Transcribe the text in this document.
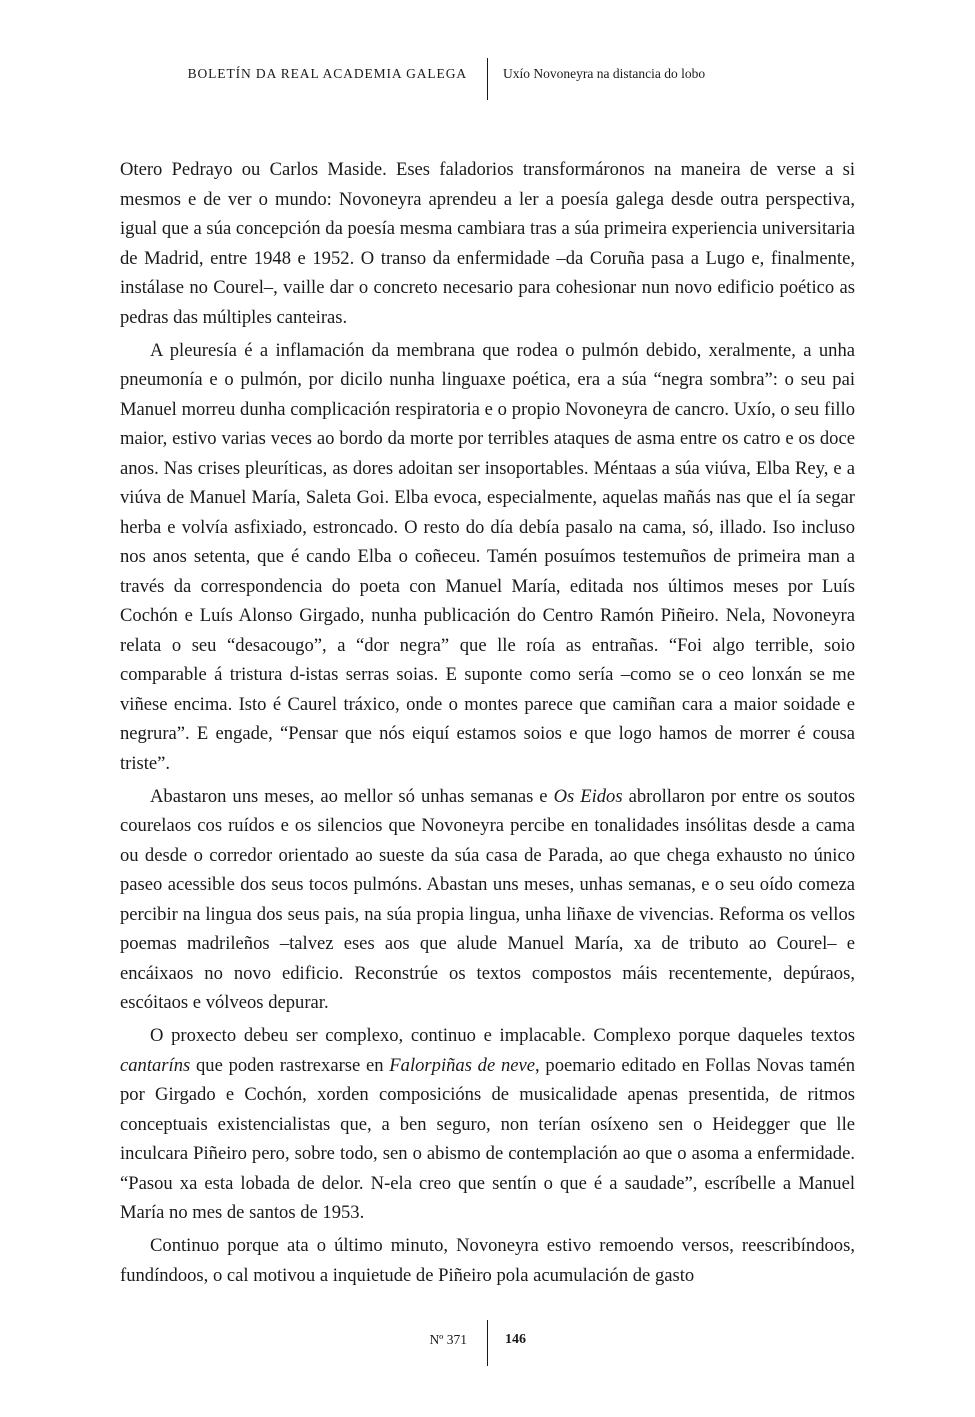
BOLETÍN DA REAL ACADEMIA GALEGA	Uxío Novoneyra na distancia do lobo

Otero Pedrayo ou Carlos Maside. Eses faladorios transformáronos na maneira de verse a si mesmos e de ver o mundo: Novoneyra aprendeu a ler a poesía galega desde outra perspectiva, igual que a súa concepción da poesía mesma cambiara tras a súa primeira experiencia universitaria de Madrid, entre 1948 e 1952. O transo da enfermidade –da Coruña pasa a Lugo e, finalmente, instálase no Courel–, vaille dar o concreto necesario para cohesionar nun novo edificio poético as pedras das múltiples canteiras.

A pleuresía é a inflamación da membrana que rodea o pulmón debido, xeralmente, a unha pneumonía e o pulmón, por dicilo nunha linguaxe poética, era a súa “negra sombra”: o seu pai Manuel morreu dunha complicación respiratoria e o propio Novoneyra de cancro. Uxío, o seu fillo maior, estivo varias veces ao bordo da morte por terribles ataques de asma entre os catro e os doce anos. Nas crises pleuríticas, as dores adoitan ser insoportables. Méntaas a súa viúva, Elba Rey, e a viúva de Manuel María, Saleta Goi. Elba evoca, especialmente, aquelas mañás nas que el ía segar herba e volvía asfixiado, estroncado. O resto do día debía pasalo na cama, só, illado. Iso incluso nos anos setenta, que é cando Elba o coñeceu. Tamén posuímos testemuños de primeira man a través da correspondencia do poeta con Manuel María, editada nos últimos meses por Luís Cochón e Luís Alonso Girgado, nunha publicación do Centro Ramón Piñeiro. Nela, Novoneyra relata o seu “desacougo”, a “dor negra” que lle roía as entrañas. “Foi algo terrible, soio comparable á tristura d-istas serras soias. E suponte como sería –como se o ceo lonxán se me viñese encima. Isto é Caurel tráxico, onde o montes parece que camiñan cara a maior soidade e negrura”. E engade, “Pensar que nós eiquí estamos soios e que logo hamos de morrer é cousa triste”.

Abastaron uns meses, ao mellor só unhas semanas e Os Eidos abrollaron por entre os soutos courelaos cos ruídos e os silencios que Novoneyra percibe en tonalidades insólitas desde a cama ou desde o corredor orientado ao sueste da súa casa de Parada, ao que chega exhausto no único paseo acessible dos seus tocos pulmóns. Abastan uns meses, unhas semanas, e o seu oído comeza percibir na lingua dos seus pais, na súa propia lingua, unha liñaxe de vivencias. Reforma os vellos poemas madrileños –talvez eses aos que alude Manuel María, xa de tributo ao Courel– e encáixaos no novo edificio. Reconstrúe os textos compostos máis recentemente, depúraos, escóitaos e vólveos depurar.

O proxecto debeu ser complexo, continuo e implacable. Complexo porque daqueles textos cantaríns que poden rastrexarse en Falorpiñas de neve, poemario editado en Follas Novas tamén por Girgado e Cochón, xorden composicións de musicalidade apenas presentida, de ritmos conceptuais existencialistas que, a ben seguro, non terían osíxeno sen o Heidegger que lle inculcara Piñeiro pero, sobre todo, sen o abismo de contemplación ao que o asoma a enfermidade. “Pasou xa esta lobada de delor. N-ela creo que sentín o que é a saudade”, escríbelle a Manuel María no mes de santos de 1953.

Continuo porque ata o último minuto, Novoneyra estivo remoendo versos, reescribíndoos, fundíndoos, o cal motivou a inquietude de Piñeiro pola acumulación de gasto

Nº 371	146
